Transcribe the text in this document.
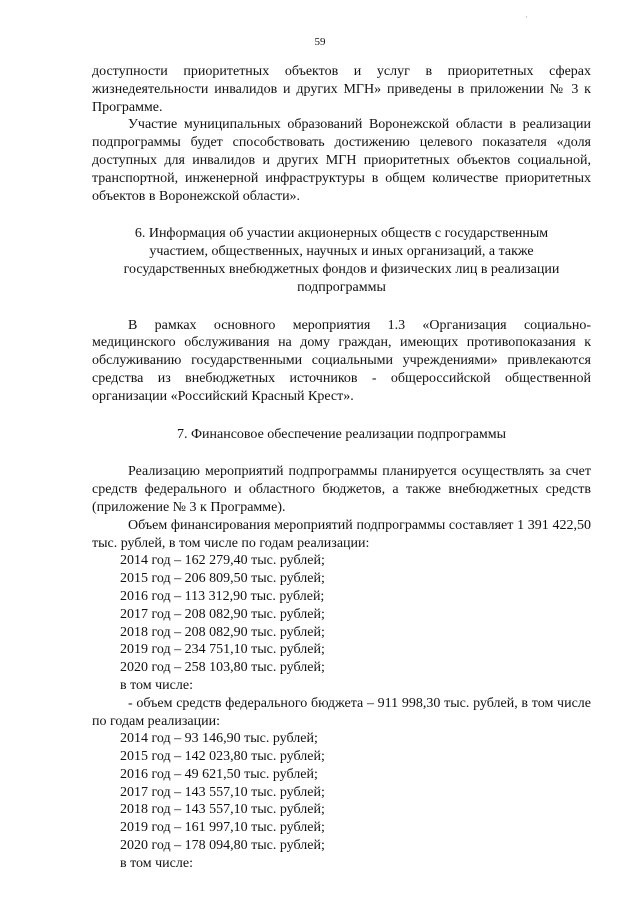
·
59

доступности приоритетных объектов и услуг в приоритетных сферах жизнедеятельности инвалидов и других МГН» приведены в приложении № 3 к Программе.

Участие муниципальных образований Воронежской области в реализации подпрограммы будет способствовать достижению целевого показателя «доля доступных для инвалидов и других МГН приоритетных объектов социальной, транспортной, инженерной инфраструктуры в общем количестве приоритетных объектов в Воронежской области».

6. Информация об участии акционерных обществ с государственным участием, общественных, научных и иных организаций, а также государственных внебюджетных фондов и физических лиц в реализации подпрограммы

В рамках основного мероприятия 1.3 «Организация социально-медицинского обслуживания на дому граждан, имеющих противопоказания к обслуживанию государственными социальными учреждениями» привлекаются средства из внебюджетных источников - общероссийской общественной организации «Российский Красный Крест».

7. Финансовое обеспечение реализации подпрограммы

Реализацию мероприятий подпрограммы планируется осуществлять за счет средств федерального и областного бюджетов, а также внебюджетных средств (приложение № 3 к Программе).

Объем финансирования мероприятий подпрограммы составляет 1 391 422,50 тыс. рублей, в том числе по годам реализации:

2014 год – 162 279,40 тыс. рублей;

2015 год – 206 809,50 тыс. рублей;

2016 год – 113 312,90 тыс. рублей;

2017 год – 208 082,90 тыс. рублей;

2018 год – 208 082,90 тыс. рублей;

2019 год – 234 751,10 тыс. рублей;

2020 год – 258 103,80 тыс. рублей;

в том числе:

- объем средств федерального бюджета – 911 998,30 тыс. рублей, в том числе по годам реализации:

2014 год – 93 146,90 тыс. рублей;

2015 год – 142 023,80 тыс. рублей;

2016 год – 49 621,50 тыс. рублей;

2017 год – 143 557,10 тыс. рублей;

2018 год – 143 557,10 тыс. рублей;

2019 год – 161 997,10 тыс. рублей;

2020 год – 178 094,80 тыс. рублей;

в том числе:
